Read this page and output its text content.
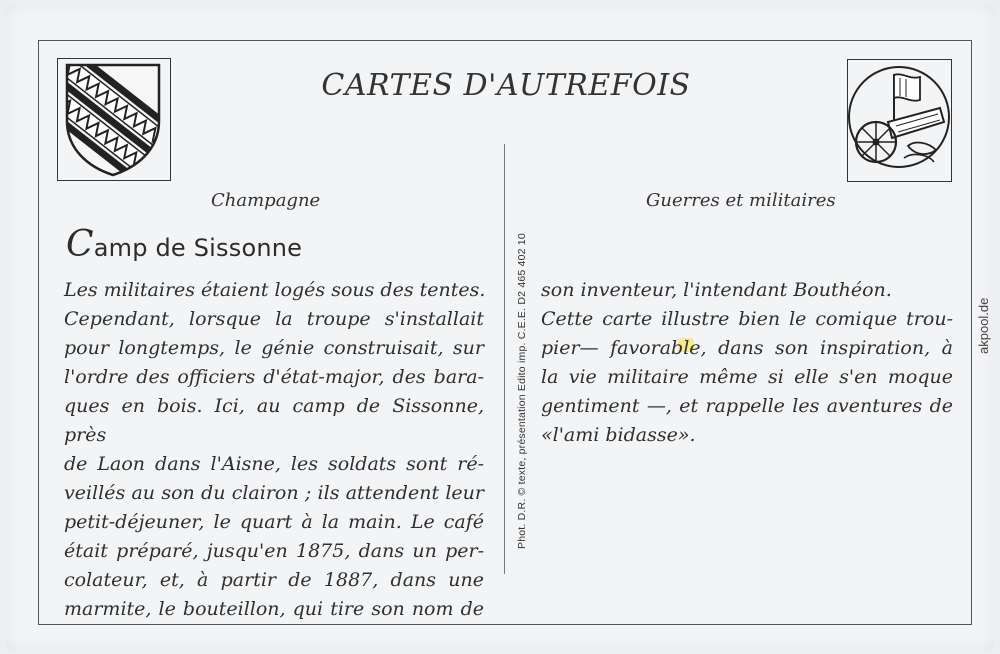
CARTES D'AUTREFOIS
Phot. D.R. © texte, présentation Edito imp. C.E.E. D2 465 402 10
Champagne	Guerres et militaires
Camp de Sissonne
Les militaires étaient logés sous des tentes.
Cependant, lorsque la troupe s'installait
pour longtemps, le génie construisait, sur
l'ordre des officiers d'état-major, des bara-
ques en bois. Ici, au camp de Sissonne, près
de Laon dans l'Aisne, les soldats sont ré-
veillés au son du clairon ; ils attendent leur
petit-déjeuner, le quart à la main. Le café
était préparé, jusqu'en 1875, dans un per-
colateur, et, à partir de 1887, dans une
marmite, le bouteillon, qui tire son nom de
son inventeur, l'intendant Bouthéon.
Cette carte illustre bien le comique trou-
pier— favorable, dans son inspiration, à
la vie militaire même si elle s'en moque
gentiment —, et rappelle les aventures de
«l'ami bidasse».
akpool.de
